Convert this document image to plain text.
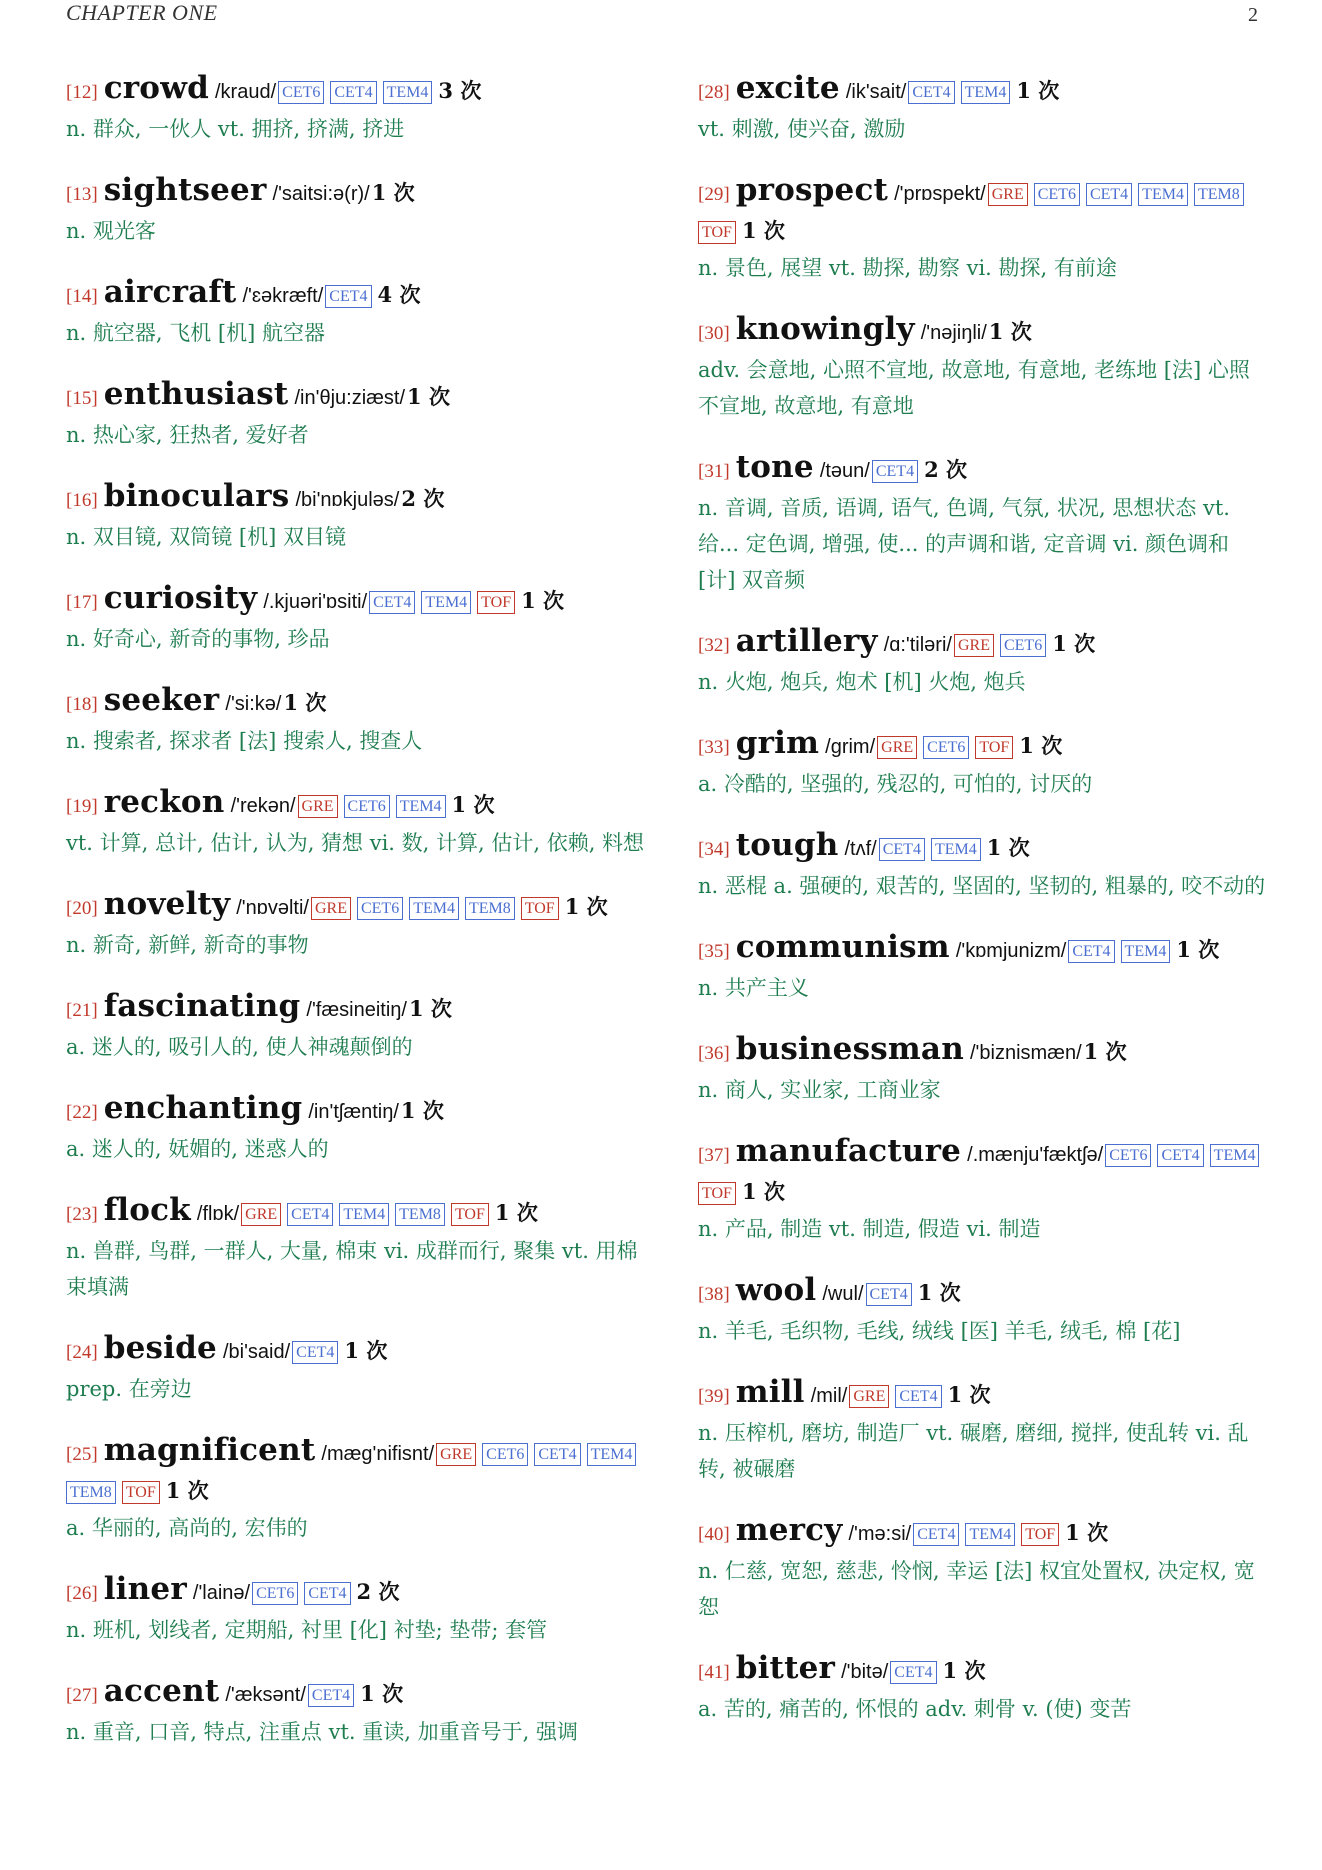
CHAPTER ONE	2
[12] crowd /kraud/ CET6 CET4 TEM4 3 次
n. 群众, 一伙人 vt. 拥挤, 挤满, 挤进
[13] sightseer /'saitsi:ə(r)/1 次
n. 观光客
[14] aircraft /'ɛəkræft/ CET4 4 次
n. 航空器, 飞机 [机] 航空器
[15] enthusiast /in'θju:ziæst/1 次
n. 热心家, 狂热者, 爱好者
[16] binoculars /bi'nɒkjuləs/2 次
n. 双目镜, 双筒镜 [机] 双目镜
[17] curiosity /.kjuəri'ɒsiti/ CET4 TEM4 TOF 1 次
n. 好奇心, 新奇的事物, 珍品
[18] seeker /'si:kə/1 次
n. 搜索者, 探求者 [法] 搜索人, 搜查人
[19] reckon /'rekən/ GRE CET6 TEM4 1 次
vt. 计算, 总计, 估计, 认为, 猜想 vi. 数, 计算, 估计, 依赖, 料想
[20] novelty /'nɒvəlti/ GRE CET6 TEM4 TEM8 TOF 1 次
n. 新奇, 新鲜, 新奇的事物
[21] fascinating /'fæsineitiŋ/1 次
a. 迷人的, 吸引人的, 使人神魂颠倒的
[22] enchanting /in'tʃæntiŋ/1 次
a. 迷人的, 妩媚的, 迷惑人的
[23] flock /flɒk/ GRE CET4 TEM4 TEM8 TOF 1 次
n. 兽群, 鸟群, 一群人, 大量, 棉束 vi. 成群而行, 聚集 vt. 用棉束填满
[24] beside /bi'said/ CET4 1 次
prep. 在旁边
[25] magnificent /mæg'nifisnt/ GRE CET6 CET4 TEM4TEM8 TOF 1 次
a. 华丽的, 高尚的, 宏伟的
[26] liner /'lainə/ CET6 CET4 2 次
n. 班机, 划线者, 定期船, 衬里 [化] 衬垫; 垫带; 套管
[27] accent /'æksənt/ CET4 1 次
n. 重音, 口音, 特点, 注重点 vt. 重读, 加重音号于, 强调
[28] excite /ik'sait/ CET4 TEM4 1 次
vt. 刺激, 使兴奋, 激励
[29] prospect /'prɒspekt/ GRE CET6 CET4 TEM4 TEM8TOF 1 次
n. 景色, 展望 vt. 勘探, 勘察 vi. 勘探, 有前途
[30] knowingly /'nəjiŋli/1 次
adv. 会意地, 心照不宣地, 故意地, 有意地, 老练地 [法] 心照不宣地, 故意地, 有意地
[31] tone /təun/ CET4 2 次
n. 音调, 音质, 语调, 语气, 色调, 气氛, 状况, 思想状态 vt. 给... 定色调, 增强, 使... 的声调和谐, 定音调 vi. 颜色调和 [计] 双音频
[32] artillery /ɑ:'tiləri/ GRE CET6 1 次
n. 火炮, 炮兵, 炮术 [机] 火炮, 炮兵
[33] grim /grim/ GRE CET6 TOF 1 次
a. 冷酷的, 坚强的, 残忍的, 可怕的, 讨厌的
[34] tough /tʌf/ CET4 TEM4 1 次
n. 恶棍 a. 强硬的, 艰苦的, 坚固的, 坚韧的, 粗暴的, 咬不动的
[35] communism /'kɒmjunizm/ CET4 TEM4 1 次
n. 共产主义
[36] businessman /'biznismæn/1 次
n. 商人, 实业家, 工商业家
[37] manufacture /.mænju'fæktʃə/ CET6 CET4 TEM4TOF 1 次
n. 产品, 制造 vt. 制造, 假造 vi. 制造
[38] wool /wul/ CET4 1 次
n. 羊毛, 毛织物, 毛线, 绒线 [医] 羊毛, 绒毛, 棉 [花]
[39] mill /mil/ GRE CET4 1 次
n. 压榨机, 磨坊, 制造厂 vt. 碾磨, 磨细, 搅拌, 使乱转 vi. 乱转, 被碾磨
[40] mercy /'mə:si/ CET4 TEM4 TOF 1 次
n. 仁慈, 宽恕, 慈悲, 怜悯, 幸运 [法] 权宜处置权, 决定权, 宽恕
[41] bitter /'bitə/ CET4 1 次
a. 苦的, 痛苦的, 怀恨的 adv. 刺骨 v. (使) 变苦
